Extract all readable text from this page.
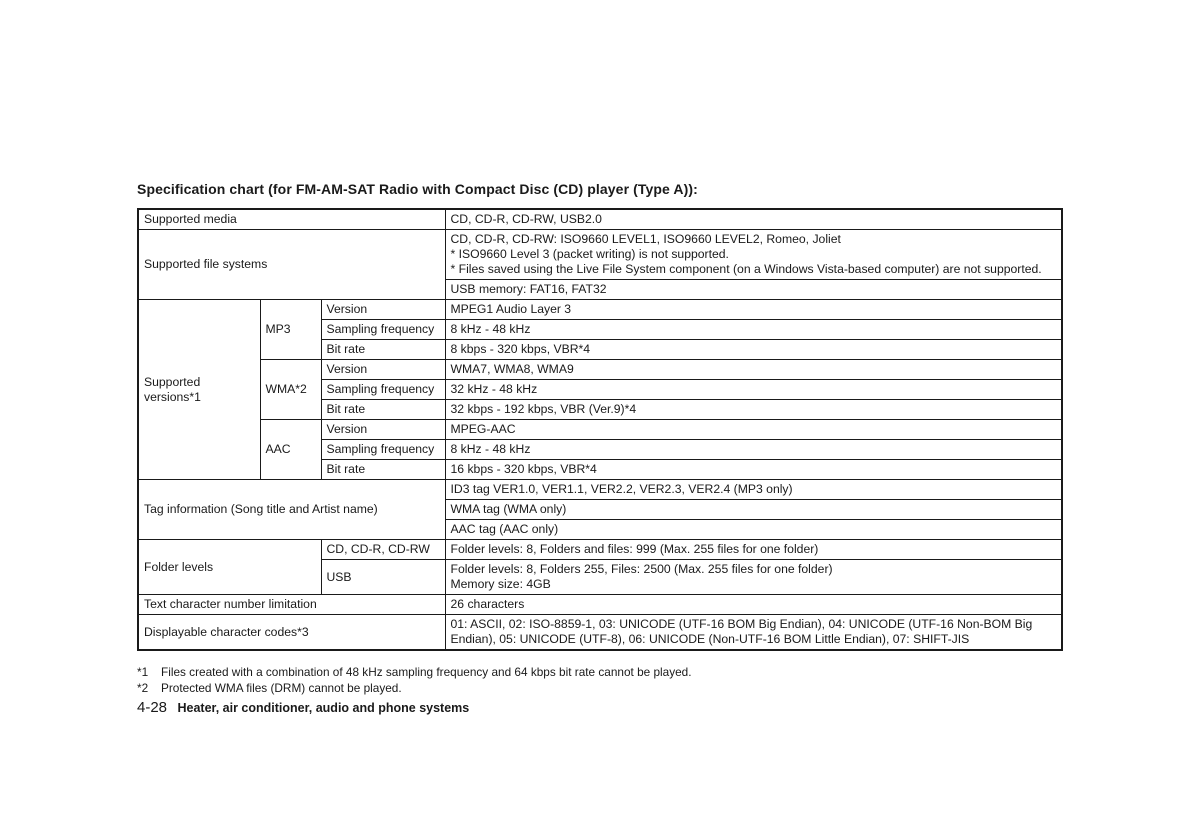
Specification chart (for FM-AM-SAT Radio with Compact Disc (CD) player (Type A)):
Supported media			CD, CD-R, CD-RW, USB2.0
Supported file systems			CD, CD-R, CD-RW: ISO9660 LEVEL1, ISO9660 LEVEL2, Romeo, Joliet
* ISO9660 Level 3 (packet writing) is not supported.
* Files saved using the Live File System component (on a Windows Vista-based computer) are not supported.

			USB memory: FAT16, FAT32

Supported
versions*1	MP3	Version	MPEG1 Audio Layer 3
		Sampling frequency	8 kHz - 48 kHz
		Bit rate	8 kbps - 320 kbps, VBR*4
	WMA*2	Version	WMA7, WMA8, WMA9
		Sampling frequency	32 kHz - 48 kHz
		Bit rate	32 kbps - 192 kbps, VBR (Ver.9)*4
	AAC	Version	MPEG-AAC
		Sampling frequency	8 kHz - 48 kHz
		Bit rate	16 kbps - 320 kbps, VBR*4
Tag information (Song title and Artist name)			ID3 tag VER1.0, VER1.1, VER2.2, VER2.3, VER2.4 (MP3 only)
			WMA tag (WMA only)
			AAC tag (AAC only)
Folder levels		CD, CD-R, CD-RW	Folder levels: 8, Folders and files: 999 (Max. 255 files for one folder)
		USB	Folder levels: 8, Folders 255, Files: 2500 (Max. 255 files for one folder)
Memory size: 4GB

Text character number limitation			26 characters
Displayable character codes*3			01: ASCII, 02: ISO-8859-1, 03: UNICODE (UTF-16 BOM Big Endian), 04: UNICODE (UTF-16 Non-BOM Big
Endian), 05: UNICODE (UTF-8), 06: UNICODE (Non-UTF-16 BOM Little Endian), 07: SHIFT-JIS
*1 Files created with a combination of 48 kHz sampling frequency and 64 kbps bit rate cannot be played.
*2 Protected WMA files (DRM) cannot be played.
4-28 Heater, air conditioner, audio and phone systems
